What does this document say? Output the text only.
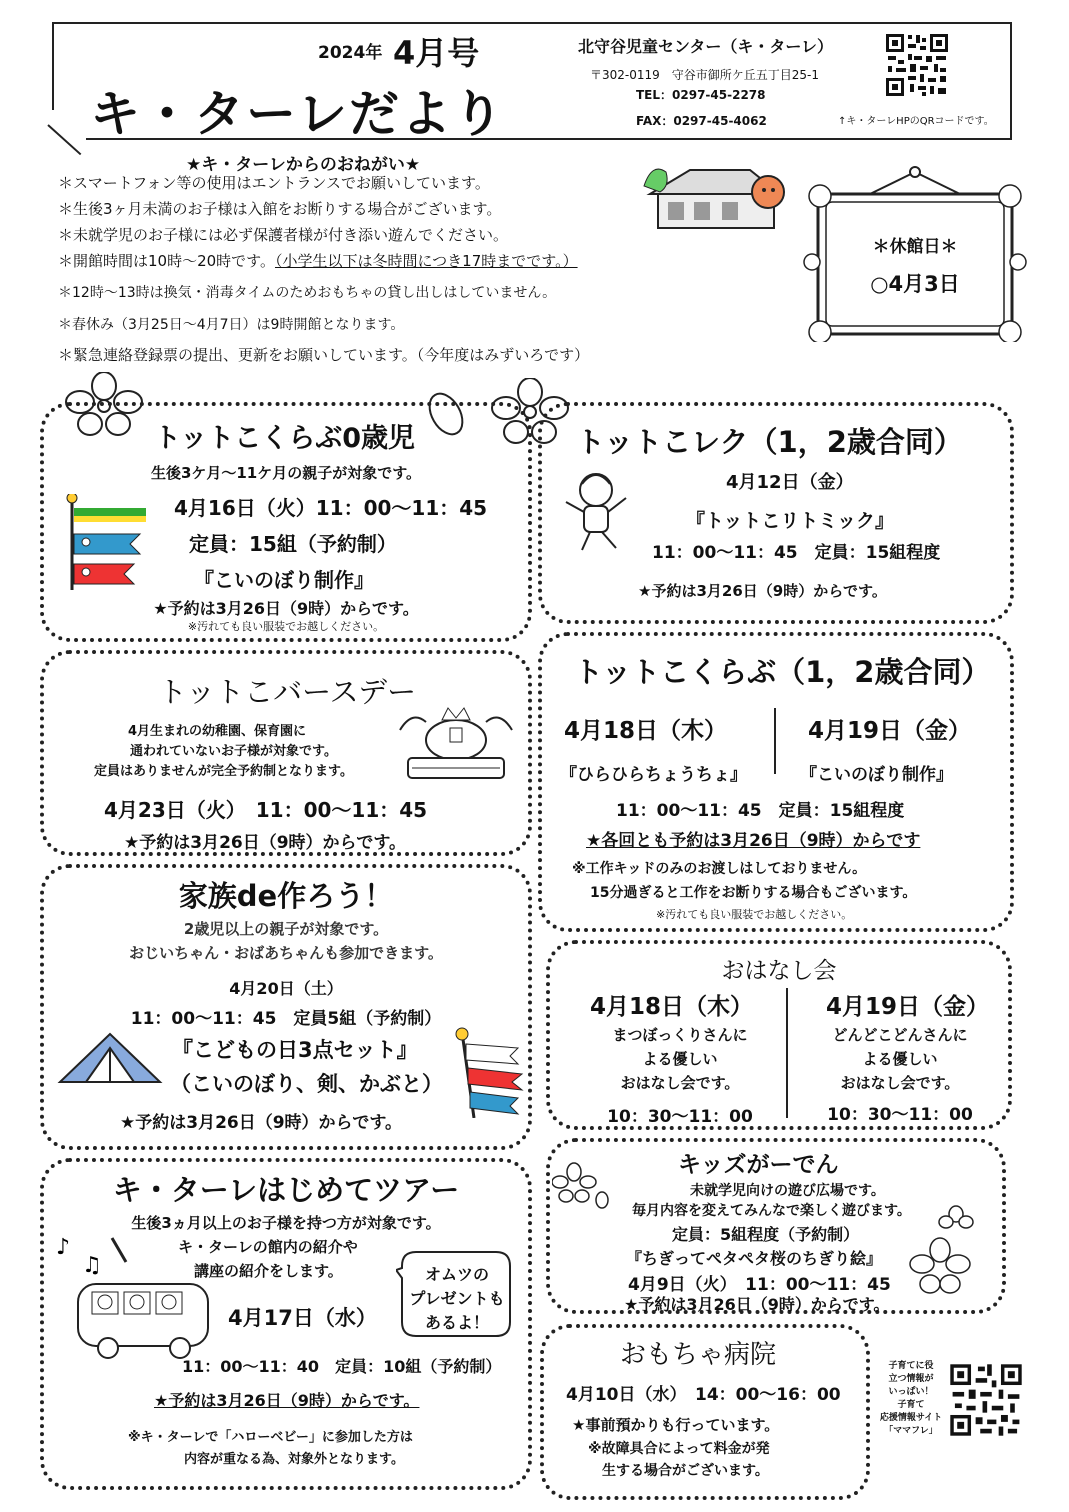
2024年 4月号
キ・ターレだより
北守谷児童センター（キ・ターレ）
〒302-0119　守谷市御所ケ丘五丁目25-1
TEL：0297-45-2278
FAX：0297-45-4062	↑キ・ターレHPのQRコードです。
★キ・ターレからのおねがい★
＊スマートフォン等の使用はエントランスでお願いしています。
＊生後3ヶ月未満のお子様は入館をお断りする場合がございます。
＊未就学児のお子様には必ず保護者様が付き添い遊んでください。
＊開館時間は10時～20時です。（小学生以下は冬時間につき17時までです。）
＊12時～13時は換気・消毒タイムのためおもちゃの貸し出しはしていません。
＊春休み（3月25日～4月7日）は9時開館となります。
＊緊急連絡登録票の提出、更新をお願いしています。（今年度はみずいろです）
＊休館日＊
○4月3日
トットこくらぶ0歳児
生後3ケ月～11ケ月の親子が対象です。
4月16日（火）11：00～11：45
定員：15組（予約制）
『こいのぼり制作』
★予約は3月26日（9時）からです。
※汚れても良い服装でお越しください。
トットこレク（1，2歳合同）
4月12日（金）
『トットこリトミック』
11：00～11：45　定員：15組程度
★予約は3月26日（9時）からです。
トットこバースデー
4月生まれの幼稚園、保育園に
通われていないお子様が対象です。
定員はありませんが完全予約制となります。
4月23日（火）　11：00～11：45
★予約は3月26日（9時）からです。
トットこくらぶ（1，2歳合同）
4月18日（木）
『ひらひらちょうちょ』
4月19日（金）
『こいのぼり制作』
11：00～11：45　定員：15組程度
★各回とも予約は3月26日（9時）からです
※工作キッドのみのお渡しはしておりません。
15分過ぎると工作をお断りする場合もございます。
※汚れても良い服装でお越しください。
家族de作ろう！
2歳児以上の親子が対象です。
おじいちゃん・おばあちゃんも参加できます。
4月20日（土）
11：00～11：45　定員5組（予約制）
『こどもの日3点セット』
（こいのぼり、剣、かぶと）
★予約は3月26日（9時）からです。
おはなし会
4月18日（木）
まつぼっくりさんに
よる優しい
おはなし会です。
10：30～11：00
4月19日（金）
どんどこどんさんに
よる優しい
おはなし会です。
10：30～11：00
キ・ターレはじめてツアー
生後3ヵ月以上のお子様を持つ方が対象です。
キ・ターレの館内の紹介や
講座の紹介をします。
4月17日（水）
11：00～11：40　定員：10組（予約制）
★予約は3月26日（9時）からです。
※キ・ターレで「ハローベビー」に参加した方は
内容が重なる為、対象外となります。
オムツの
プレゼントも
あるよ！
♪
♫
キッズがーでん
未就学児向けの遊び広場です。
毎月内容を変えてみんなで楽しく遊びます。
定員：5組程度（予約制）
『ちぎってペタペタ桜のちぎり絵』
4月9日（火）　11：00～11：45
★予約は3月26日（9時）からです。
おもちゃ病院
4月10日（水）　14：00～16：00
★事前預かりも行っています。
※故障具合によって料金が発
生する場合がございます。
子育てに役
立つ情報が
いっぱい！
子育て
応援情報サイト
「ママフレ」
